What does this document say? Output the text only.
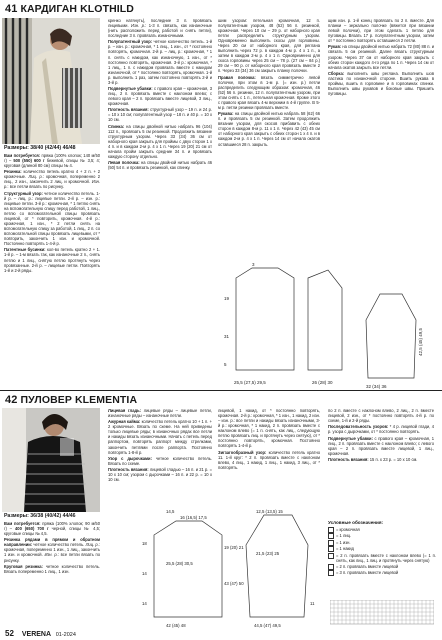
41 КАРДИГАН KLOTHILD
Размеры: 38/40 (42/44) 46/48

Вам потребуется: пряжа (100% хлопок; 140 м/50 г) – 500 (550) 600 г бежевой, спицы № 3,5; 4; круговая (длиной 80 см) спицы № 4.

Резинка: количество петель кратно 4 + 2 п. + 2 кромочные. Лиц. р.: кромочная, попеременно 2 лиц., 2 изн., закончить 2 лиц. и кромочной. Изн. р.: все петли вязать по рисунку.

Структурный узор: четное количество петель. 1-й р. – лиц. р.: лицевые петли. 2-й р. – изн. р.: лицевые петли. 3-й р.: кромочная, * 1 петлю снять на вспомогательную спицу перед работой, 1 лиц., петлю со вспомогательной спицы провязать лицевой, от * повторить, кромочная. 4-й р.: кромочная, 1 изн., * 2 петли снять на вспомогательную спицу за работой, 1 лиц., 2 п. со вспомогательной спицы провязать лицевыми, от * повторить, закончить 1 изн. и кромочной. Постоянно повторять 1-4-й р.

Патентные бусинки: кол-во петель кратно 2 + 1. 1-й р. – 1-м вязать так, как изнаночные 2 п., снять петлю и 1 лиц., снятую петлю протянуть через провязанные. 2-й р. – лицевые петли. Повторять 1-й и 2-й ряды.

кренко натянуть), последние 3 п. провязать лицевыми. Изн. р.: 1-3 п. связать, как изнаночные (нить расположить перед работой и снять петли), последние 3 п. провязать изнаночными.

Полупатентный узор: четное количество петель. 1-й р. – изн. р.: кромочная, * 1 лиц., 1 изн., от * постоянно повторять, кромочная. 2-й р. – лиц. р.: кромочная, * 1 п. снять с накидом, как изнаночную, 1 изн., от * постоянно повторять, кромочная. 3-й р.: кромочная, * 1 лиц., 1 п. с накидом провязать вместе с накидом изнаночной, от * постоянно повторять, кромочная. 1-й р. выполнить 1 раз, затем постоянно повторять 2-й и 3-й р.

Подвернутые убавки: с правого края – кромочная, 3 лиц., 2 п. провязать вместе с наклоном влево; с левого края – 2 п. провязать вместе лицевой, 3 лиц., кромочная.

Плотность вязания: структурный узор – 19 п. и 24 р. = 10 х 10 см; полупатентный узор – 18 п. и 40 р. = 10 х 10 см.

Спинка: на спицы двойной нитью набрать 96 (104) 112 п., провязать 5 см резинкой. Продолжить вязание структурным узором. Через 33 (34) 36 см от наборного края закрыть для проймы с двух сторон 1 x 4 п. и в каждом 2-м р. 4 x 1 п. Через 19 (20) 21 см от начала пройм закрыть средние 34 п. и провязать каждую сторону отдельно.

Левая полочка: на спицы двойной нитью набрать 46 (50) 54 п. и провязать резинкой, как спинку.

шим узором: петельная кромочная, 12 п. полупатентным узором, 48 (52) 56 п. резинкой, кромочная. Через 10 см – 29 р. от наборного края петли распределить структурным узором. Одновременно выполнить скосы для горловины. Через 20 см от наборного края, для реглана выполнить через 72 р. в каждом 4-м р. 4 x 1 п., а затем в каждом 2-м р. 4 x 1 п. Одновременно для скоса горловины через 25 см – 78 р. (27 см – 84 р.) 29 см – 90 р. от наборного края провязать вместе 2 п. Через 33 (34) 36 см закрыть планку полочки.

Правая полочка: вязать симметрично левой полочке, при этом в 1-м р. (= изн. р.) петли распределить следующим образом: кромочная, 46 (52) 56 п. резинки, 12 п. полупатентным узором, при этом снять с 1 п., петельная кромочная. Кроме этого с правого края вязать 4-м верхним в 4-й группе. В 5-м р. петли резинки провязать вместе.

Рукава: на спицы двойной нитью набрать 58 (62) 66 п. и провязать 5 см резинкой. Затем продолжить вязание узором, для скосов прибавить с обеих сторон в каждом 8-м р. 11 x 1 п. Через 42 (43) 45 см от наборного края закрыть с обеих сторон 1 x 4 п. и в каждом 2-м р. 4 x 1 п. Через 14 см от начала окатов оставшиеся 28 п. закрыть.

щим изн. р. 1-й конец провязать по 2 п. вместе. Для планки – зеркально полочке (вяжется при вязании левой полочки), при этом сделать 1 петлю для пуговицы. Вязать 17 р. полупатентным узором, затем от * постоянно повторять оставшиеся 2 петли.

Рукав: на спицы двойной нитью набрать 72 (80) 88 п. и связать 5 см резинкой. Далее вязать структурным узором. Через 37 см от наборного края закрыть с обеих сторон каждого 4-го ряда по 1 п. Через 14 см от начала окатов закрыть все петли.

Сборка: выполнить швы реглана. Выполнить шов ластика по изнаночной стороне. Вшить рукава в проймы, вшить в горловине и в горловинах спинки. Выполнить швы рукавов и боковые швы. Пришить пуговицы.

19
3
31
5
26 (28) 30
32 (34) 36
25,5 (27,5) 29,5
42,5 (45) 49,5
42 ПУЛОВЕР KLEMENTIA
Размеры: 36/38 (40/42) 44/46

Вам потребуется: пряжа (100% хлопок; 90 м/50 г) – 400 (650) 700 г черной, спицы № 4,5; круговые спицы № 4,5.

Резинка рядами в прямом и обратном направлении: четное количество петель. Лиц. р.: кромочная, попеременно 1 изн., 1 лиц., закончить 1 изн. и кромочной. Изн. р.: все петли вязать по рисунку.

Круговая резинка: четное количество петель. Вязать попеременно 1 лиц., 1 изн.

Лицевая гладь: лицевые ряды – лицевые петли, изнаночные ряды – изнаночные петли.

Ажурная кайма: количество петель кратно 10 + 1 п. + 2 кромочные. Вязать по схеме. На ней приведены только лицевые ряды; в изнаночных рядах все петли и накиды вязать изнаночными. Начать с петель перед раппортом, повторять раппорт между стрелками, закончить петлями после раппорта. Постоянно повторять 1-8-й р.

Узор с дырочками: четное количество петель. Вязать по схеме.

Плотность вязания: лицевой гладью – 16 п. и 21 р. = 10 х 10 см; узором с дырочками – 16 п. и 22 р. = 10 х 10 см.

лицевой, 1 накид, от * постоянно повторять, кромочная. 2-й р.: кромочная, * 1 изн., 1 накид, 2 изн. – изн. р.: все петли и накиды вязать изнаночными, 3-й р.: кромочная, * 1 накид, 2 п. провязать вместе с наклоном влево (= 1 п. снять, как лиц., следующую петлю провязать лиц. и протянуть через снятую), от * постоянно повторять, кромочная. Постоянно повторять 1-4-й р.

Зигзагообразный узор: количество петель кратно 11. 1-й круг: * 2 п. провязать вместе с наклоном влево, 4 лиц., 1 накид, 1 лиц., 1 накид, 3 лиц., от * повторять.

по 2 п. вместе с наклоном влево, 2 лиц., 2 п. вместе лицевой, 2 изн., от * постоянно повторять 4-й р. по схеме, 1-й и 2-й ряды.

Последовательность узоров: * 4 р. лицевой глади, 4 р. узора с дырочками, от * постоянно повторять.

Подвернутые убавки: с правого края – кромочная, 1 лиц., 2 п. провязать вместе с наклоном влево; с левого края – 2 п. провязать вместе лицевой, 1 лиц., кромочная.

Плотность вязания: 15 п. х 23 р. = 10 х 10 см.

14,5
16 (16,5) 17,5
18
19 (20) 21
25,5 (28) 30,5
14
43 (47) 50
14
42 (45) 48
12,5 (13,5) 15
21,5 (23) 25
11
44,5 (47) 49,5
Условные обозначения:
= кромочная
= 1 лиц.
= 1 изн.
= 1 накид
= 2 п. провязать вместе с наклоном влево (= 1 п. снять, как лиц., 1 лиц. и протянуть через снятую)
= 2 п. провязать вместе лицевой
= 3 п. провязать вместе лицевой
52 VERENA 01-2024
